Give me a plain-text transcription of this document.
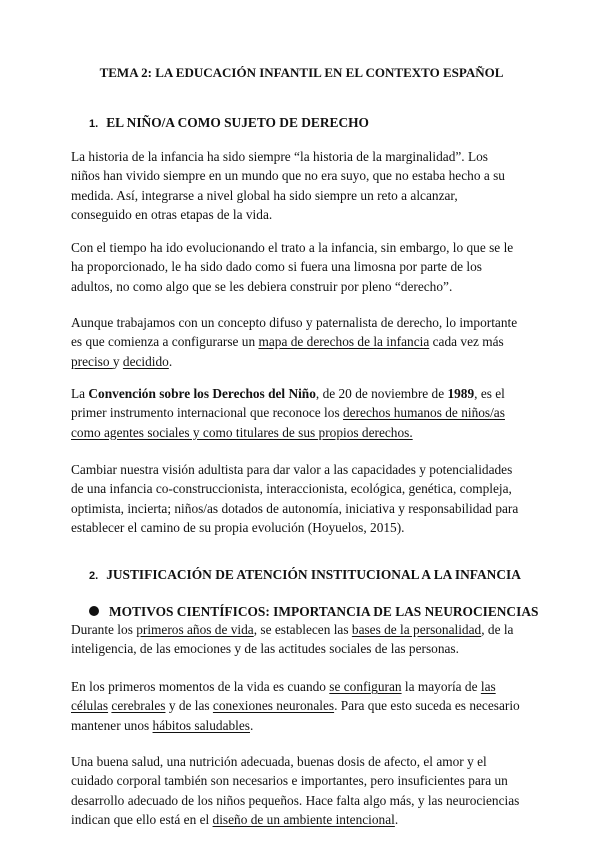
TEMA 2: LA EDUCACIÓN INFANTIL EN EL CONTEXTO ESPAÑOL
1. EL NIÑO/A COMO SUJETO DE DERECHO
La historia de la infancia ha sido siempre “la historia de la marginalidad”. Los
niños han vivido siempre en un mundo que no era suyo, que no estaba hecho a su
medida. Así, integrarse a nivel global ha sido siempre un reto a alcanzar,
conseguido en otras etapas de la vida.
Con el tiempo ha ido evolucionando el trato a la infancia, sin embargo, lo que se le
ha proporcionado, le ha sido dado como si fuera una limosna por parte de los
adultos, no como algo que se les debiera construir por pleno “derecho”.
Aunque trabajamos con un concepto difuso y paternalista de derecho, lo importante
es que comienza a configurarse un mapa de derechos de la infancia cada vez más
preciso y decidido.
La Convención sobre los Derechos del Niño, de 20 de noviembre de 1989, es el
primer instrumento internacional que reconoce los derechos humanos de niños/as
como agentes sociales y como titulares de sus propios derechos.
Cambiar nuestra visión adultista para dar valor a las capacidades y potencialidades
de una infancia co-construccionista, interaccionista, ecológica, genética, compleja,
optimista, incierta; niños/as dotados de autonomía, iniciativa y responsabilidad para
establecer el camino de su propia evolución (Hoyuelos, 2015).
2. JUSTIFICACIÓN DE ATENCIÓN INSTITUCIONAL A LA INFANCIA
MOTIVOS CIENTÍFICOS: IMPORTANCIA DE LAS NEUROCIENCIAS
Durante los primeros años de vida, se establecen las bases de la personalidad, de la
inteligencia, de las emociones y de las actitudes sociales de las personas.
En los primeros momentos de la vida es cuando se configuran la mayoría de las
células cerebrales y de las conexiones neuronales. Para que esto suceda es necesario
mantener unos hábitos saludables.
Una buena salud, una nutrición adecuada, buenas dosis de afecto, el amor y el
cuidado corporal también son necesarios e importantes, pero insuficientes para un
desarrollo adecuado de los niños pequeños. Hace falta algo más, y las neurociencias
indican que ello está en el diseño de un ambiente intencional.
